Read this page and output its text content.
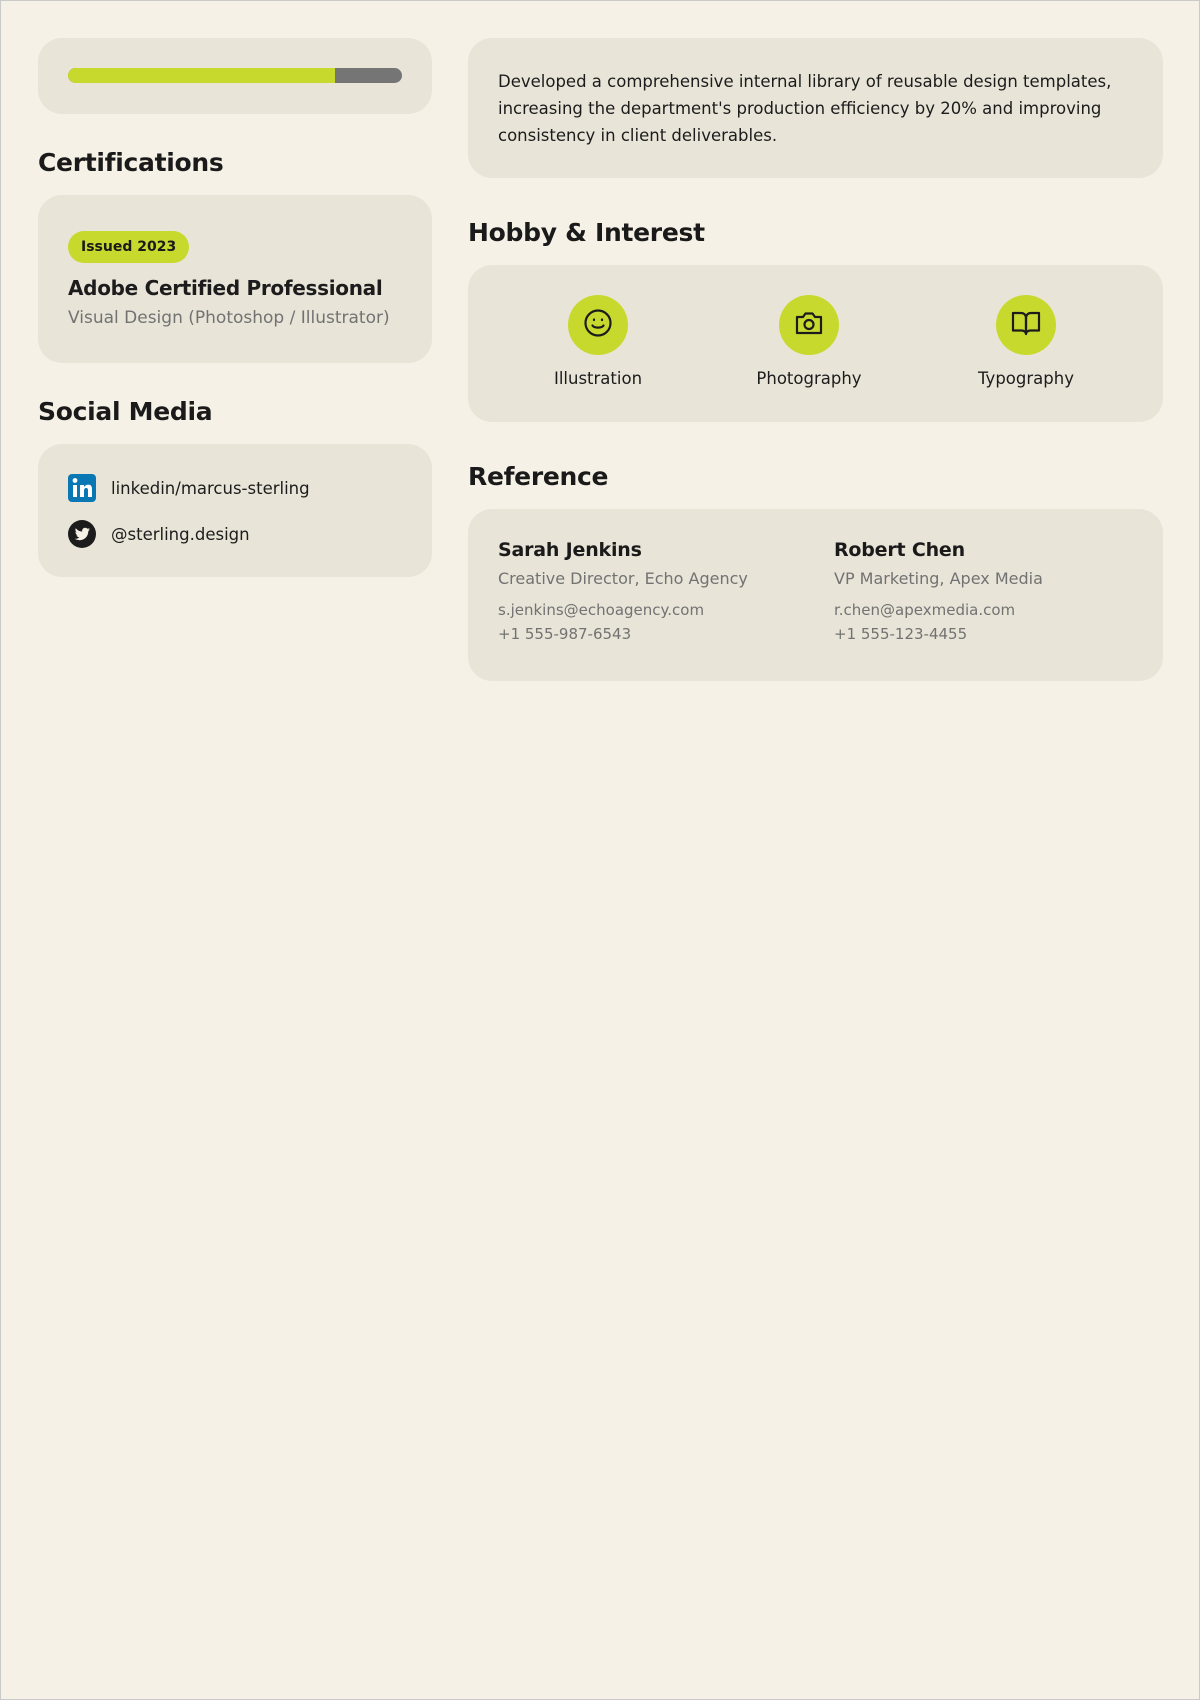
Certifications
Issued 2023
Adobe Certified Professional
Visual Design (Photoshop / Illustrator)
Social Media
linkedin/marcus-sterling
@sterling.design

Developed a comprehensive internal library of reusable design templates, increasing the department's production efficiency by 20% and improving consistency in client deliverables.

Hobby & Interest
Illustration	Photography	Typography
Reference
Sarah Jenkins
Creative Director, Echo Agency
s.jenkins@echoagency.com
+1 555-987-6543
Robert Chen
VP Marketing, Apex Media
r.chen@apexmedia.com
+1 555-123-4455
